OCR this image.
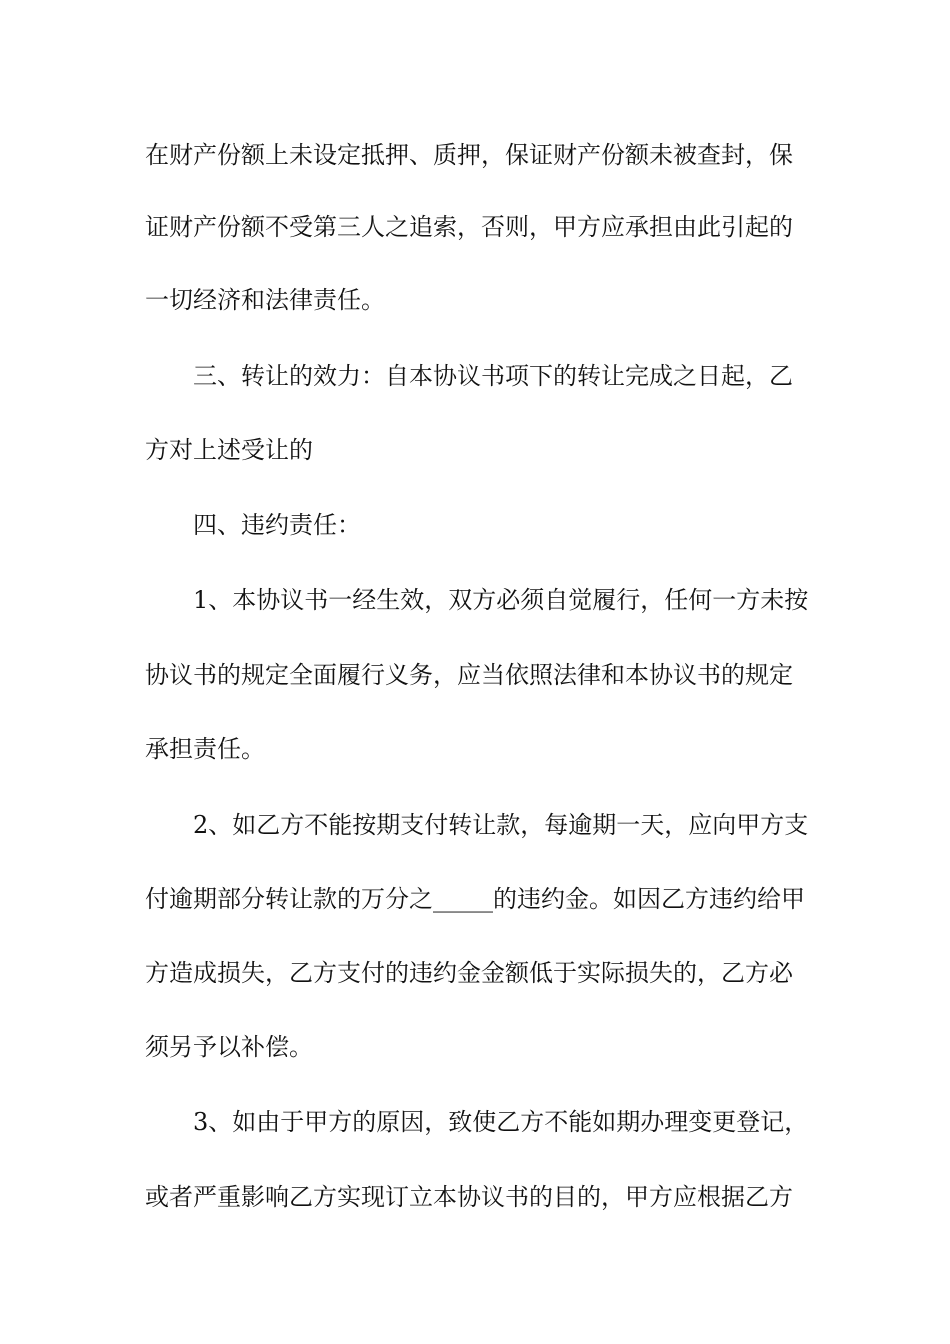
在财产份额上未设定抵押、质押，保证财产份额未被查封，保
证财产份额不受第三人之追索，否则，甲方应承担由此引起的
一切经济和法律责任。
三、转让的效力：自本协议书项下的转让完成之日起，乙
方对上述受让的
四、违约责任：
1、本协议书一经生效，双方必须自觉履行，任何一方未按
协议书的规定全面履行义务，应当依照法律和本协议书的规定
承担责任。
2、如乙方不能按期支付转让款，每逾期一天，应向甲方支
付逾期部分转让款的万分之_____的违约金。如因乙方违约给甲
方造成损失，乙方支付的违约金金额低于实际损失的，乙方必
须另予以补偿。
3、如由于甲方的原因，致使乙方不能如期办理变更登记，
或者严重影响乙方实现订立本协议书的目的，甲方应根据乙方
